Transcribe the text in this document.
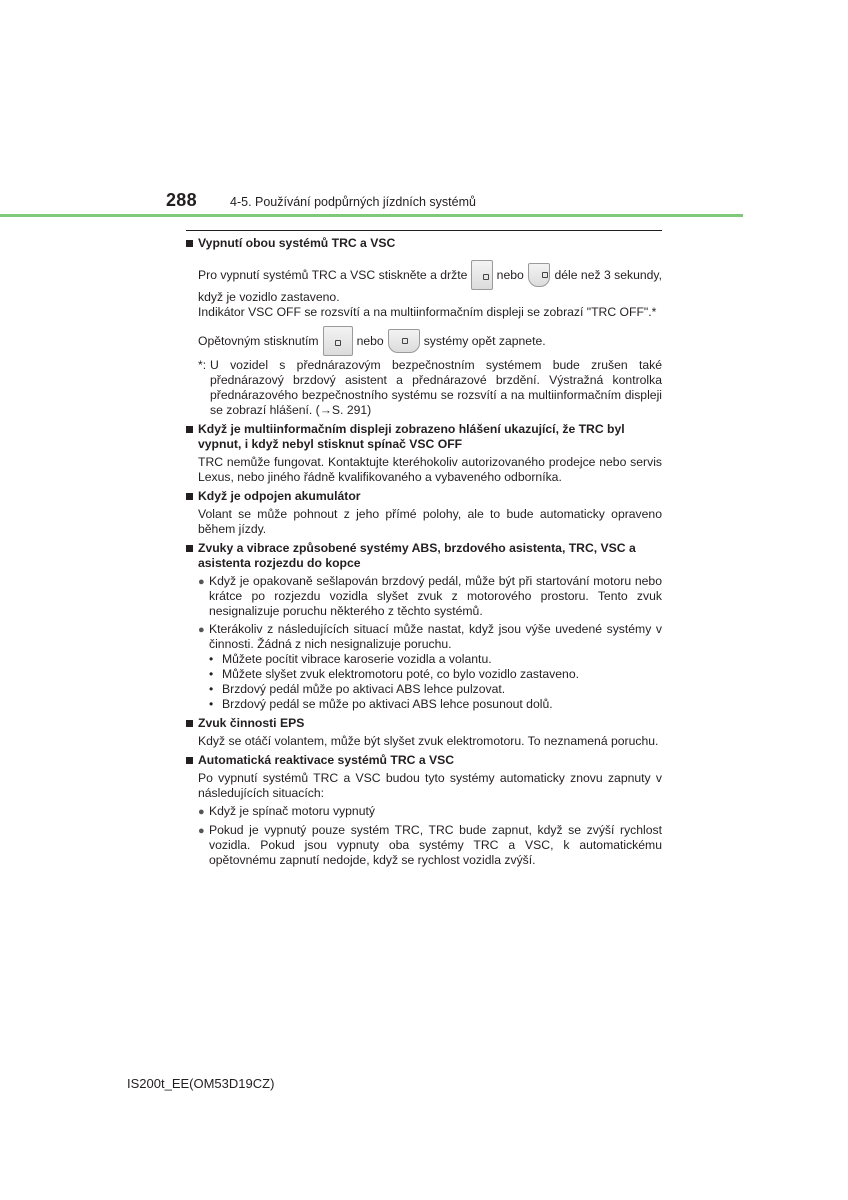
288	4-5. Používání podpůrných jízdních systémů
Vypnutí obou systémů TRC a VSC
Pro vypnutí systémů TRC a VSC stiskněte a držte nebo	déle než 3 sekundy,
když je vozidlo zastaveno.
Indikátor VSC OFF se rozsvítí a na multiinformačním displeji se zobrazí "TRC OFF".*
Opětovným stisknutím	nebo	systémy opět zapnete.
*: U vozidel s přednárazovým bezpečnostním systémem bude zrušen také přednárazový brzdový asistent a přednárazové brzdění. Výstražná kontrolka přednárazového bezpečnostního systému se rozsvítí a na multiinformačním displeji se zobrazí hlášení. (→S. 291)
Když je multiinformačním displeji zobrazeno hlášení ukazující, že TRC byl vypnut, i když nebyl stisknut spínač VSC OFF
TRC nemůže fungovat. Kontaktujte kteréhokoliv autorizovaného prodejce nebo servis Lexus, nebo jiného řádně kvalifikovaného a vybaveného odborníka.
Když je odpojen akumulátor
Volant se může pohnout z jeho přímé polohy, ale to bude automaticky opraveno během jízdy.
Zvuky a vibrace způsobené systémy ABS, brzdového asistenta, TRC, VSC a asistenta rozjezdu do kopce
● Když je opakovaně sešlapován brzdový pedál, může být při startování motoru nebo krátce po rozjezdu vozidla slyšet zvuk z motorového prostoru. Tento zvuk nesignalizuje poruchu některého z těchto systémů.
● Kterákoliv z následujících situací může nastat, když jsou výše uvedené systémy v činnosti. Žádná z nich nesignalizuje poruchu.
• Můžete pocítit vibrace karoserie vozidla a volantu.
• Můžete slyšet zvuk elektromotoru poté, co bylo vozidlo zastaveno.
• Brzdový pedál může po aktivaci ABS lehce pulzovat.
• Brzdový pedál se může po aktivaci ABS lehce posunout dolů.
Zvuk činnosti EPS
Když se otáčí volantem, může být slyšet zvuk elektromotoru. To neznamená poruchu.
Automatická reaktivace systémů TRC a VSC
Po vypnutí systémů TRC a VSC budou tyto systémy automaticky znovu zapnuty v následujících situacích:
● Když je spínač motoru vypnutý
● Pokud je vypnutý pouze systém TRC, TRC bude zapnut, když se zvýší rychlost vozidla. Pokud jsou vypnuty oba systémy TRC a VSC, k automatickému opětovnému zapnutí nedojde, když se rychlost vozidla zvýší.
IS200t_EE(OM53D19CZ)
